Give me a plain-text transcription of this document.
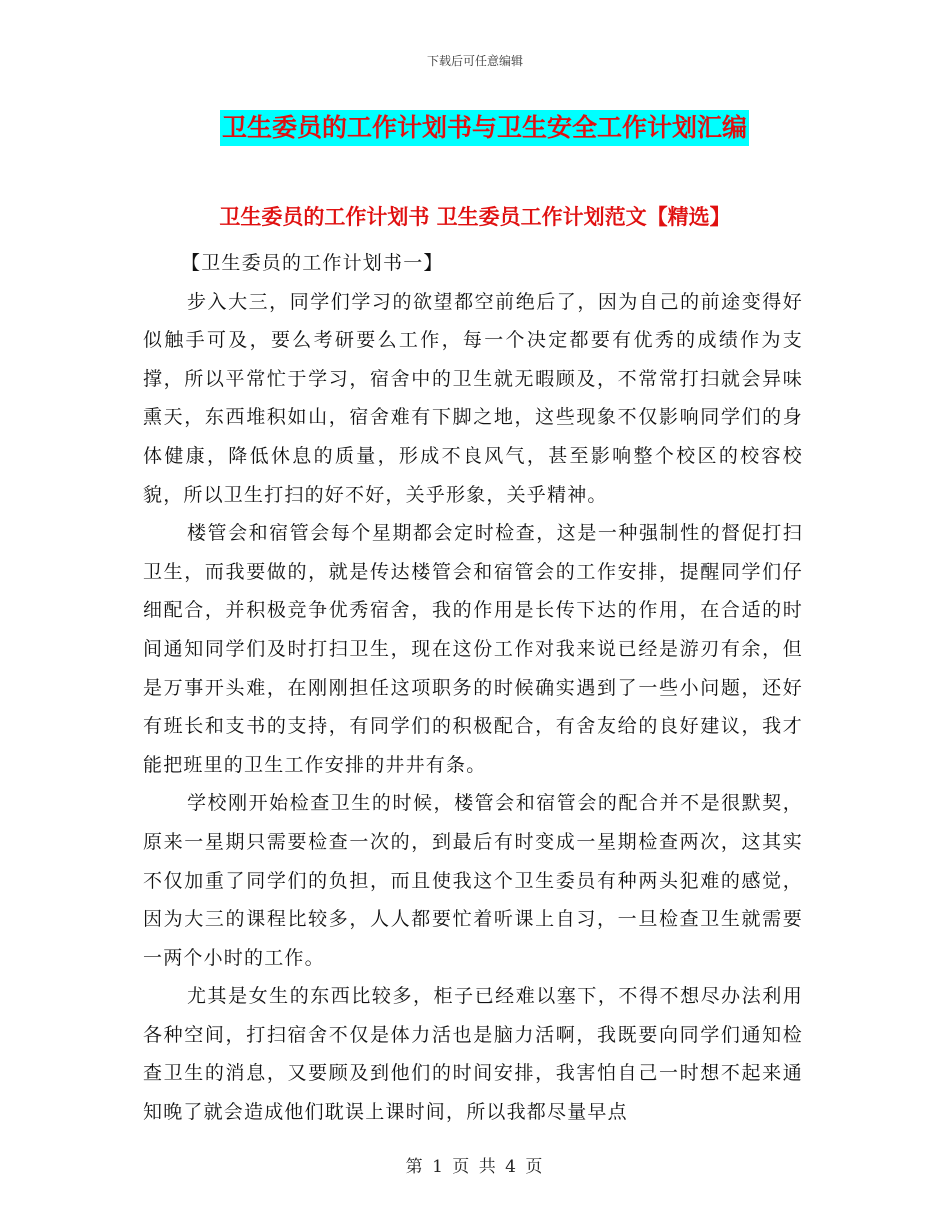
下载后可任意编辑
卫生委员的工作计划书与卫生安全工作计划汇编
卫生委员的工作计划书 卫生委员工作计划范文【精选】

【卫生委员的工作计划书一】

步入大三，同学们学习的欲望都空前绝后了，因为自己的前途变得好似触手可及，要么考研要么工作，每一个决定都要有优秀的成绩作为支撑，所以平常忙于学习，宿舍中的卫生就无暇顾及，不常常打扫就会异味熏天，东西堆积如山，宿舍难有下脚之地，这些现象不仅影响同学们的身体健康，降低休息的质量，形成不良风气，甚至影响整个校区的校容校貌，所以卫生打扫的好不好，关乎形象，关乎精神。

楼管会和宿管会每个星期都会定时检查，这是一种强制性的督促打扫卫生，而我要做的，就是传达楼管会和宿管会的工作安排，提醒同学们仔细配合，并积极竞争优秀宿舍，我的作用是长传下达的作用，在合适的时间通知同学们及时打扫卫生，现在这份工作对我来说已经是游刃有余，但是万事开头难，在刚刚担任这项职务的时候确实遇到了一些小问题，还好有班长和支书的支持，有同学们的积极配合，有舍友给的良好建议，我才能把班里的卫生工作安排的井井有条。

学校刚开始检查卫生的时候，楼管会和宿管会的配合并不是很默契，原来一星期只需要检查一次的，到最后有时变成一星期检查两次，这其实不仅加重了同学们的负担，而且使我这个卫生委员有种两头犯难的感觉，因为大三的课程比较多，人人都要忙着听课上自习，一旦检查卫生就需要一两个小时的工作。

尤其是女生的东西比较多，柜子已经难以塞下，不得不想尽办法利用各种空间，打扫宿舍不仅是体力活也是脑力活啊，我既要向同学们通知检查卫生的消息，又要顾及到他们的时间安排，我害怕自己一时想不起来通知晚了就会造成他们耽误上课时间，所以我都尽量早点

第 1 页 共 4 页
